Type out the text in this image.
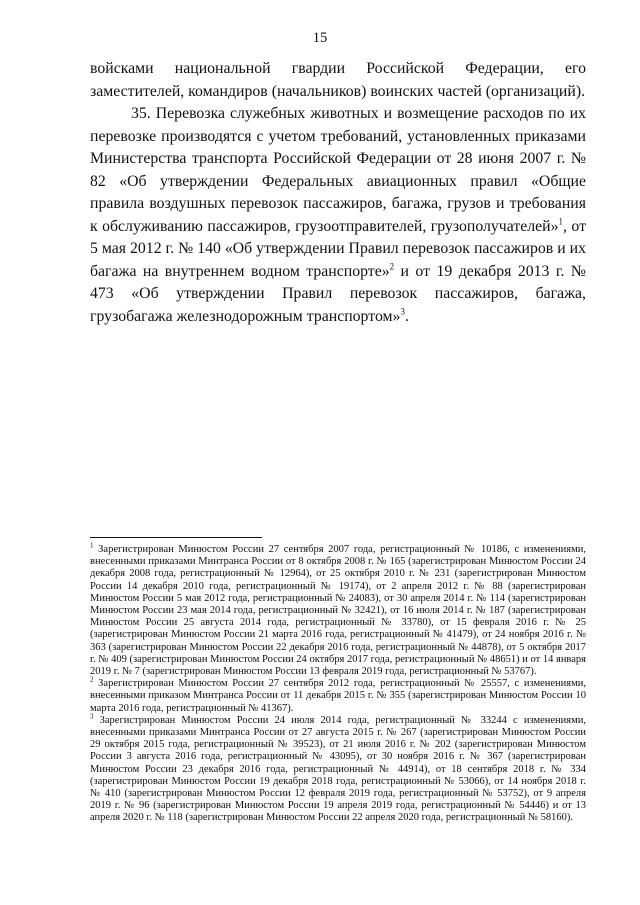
15

войсками национальной гвардии Российской Федерации, его заместителей, командиров (начальников) воинских частей (организаций).

35. Перевозка служебных животных и возмещение расходов по их перевозке производятся с учетом требований, установленных приказами Министерства транспорта Российской Федерации от 28 июня 2007 г. № 82 «Об утверждении Федеральных авиационных правил «Общие правила воздушных перевозок пассажиров, багажа, грузов и требования к обслуживанию пассажиров, грузоотправителей, грузополучателей»$^1$, от 5 мая 2012 г. № 140 «Об утверждении Правил перевозок пассажиров и их багажа на внутреннем водном транспорте»$^2$ и от 19 декабря 2013 г. № 473 «Об утверждении Правил перевозок пассажиров, багажа, грузобагажа железнодорожным транспортом»$^3$.

$^1$ Зарегистрирован Минюстом России 27 сентября 2007 года, регистрационный № 10186, с изменениями, внесенными приказами Минтранса России от 8 октября 2008 г. № 165 (зарегистрирован Минюстом России 24 декабря 2008 года, регистрационный № 12964), от 25 октября 2010 г. № 231 (зарегистрирован Минюстом России 14 декабря 2010 года, регистрационный № 19174), от 2 апреля 2012 г. № 88 (зарегистрирован Минюстом России 5 мая 2012 года, регистрационный № 24083), от 30 апреля 2014 г. № 114 (зарегистрирован Минюстом России 23 мая 2014 года, регистрационный № 32421), от 16 июля 2014 г. № 187 (зарегистрирован Минюстом России 25 августа 2014 года, регистрационный № 33780), от 15 февраля 2016 г. № 25 (зарегистрирован Минюстом России 21 марта 2016 года, регистрационный № 41479), от 24 ноября 2016 г. № 363 (зарегистрирован Минюстом России 22 декабря 2016 года, регистрационный № 44878), от 5 октября 2017 г. № 409 (зарегистрирован Минюстом России 24 октября 2017 года, регистрационный № 48651) и от 14 января 2019 г. № 7 (зарегистрирован Минюстом России 13 февраля 2019 года, регистрационный № 53767).

$^2$ Зарегистрирован Минюстом России 27 сентября 2012 года, регистрационный № 25557, с изменениями, внесенными приказом Минтранса России от 11 декабря 2015 г. № 355 (зарегистрирован Минюстом России 10 марта 2016 года, регистрационный № 41367).

$^3$ Зарегистрирован Минюстом России 24 июля 2014 года, регистрационный № 33244 с изменениями, внесенными приказами Минтранса России от 27 августа 2015 г. № 267 (зарегистрирован Минюстом России 29 октября 2015 года, регистрационный № 39523), от 21 июля 2016 г. № 202 (зарегистрирован Минюстом России 3 августа 2016 года, регистрационный № 43095), от 30 ноября 2016 г. № 367 (зарегистрирован Минюстом России 23 декабря 2016 года, регистрационный № 44914), от 18 сентября 2018 г. № 334 (зарегистрирован Минюстом России 19 декабря 2018 года, регистрационный № 53066), от 14 ноября 2018 г. № 410 (зарегистрирован Минюстом России 12 февраля 2019 года, регистрационный № 53752), от 9 апреля 2019 г. № 96 (зарегистрирован Минюстом России 19 апреля 2019 года, регистрационный № 54446) и от 13 апреля 2020 г. № 118 (зарегистрирован Минюстом России 22 апреля 2020 года, регистрационный № 58160).
